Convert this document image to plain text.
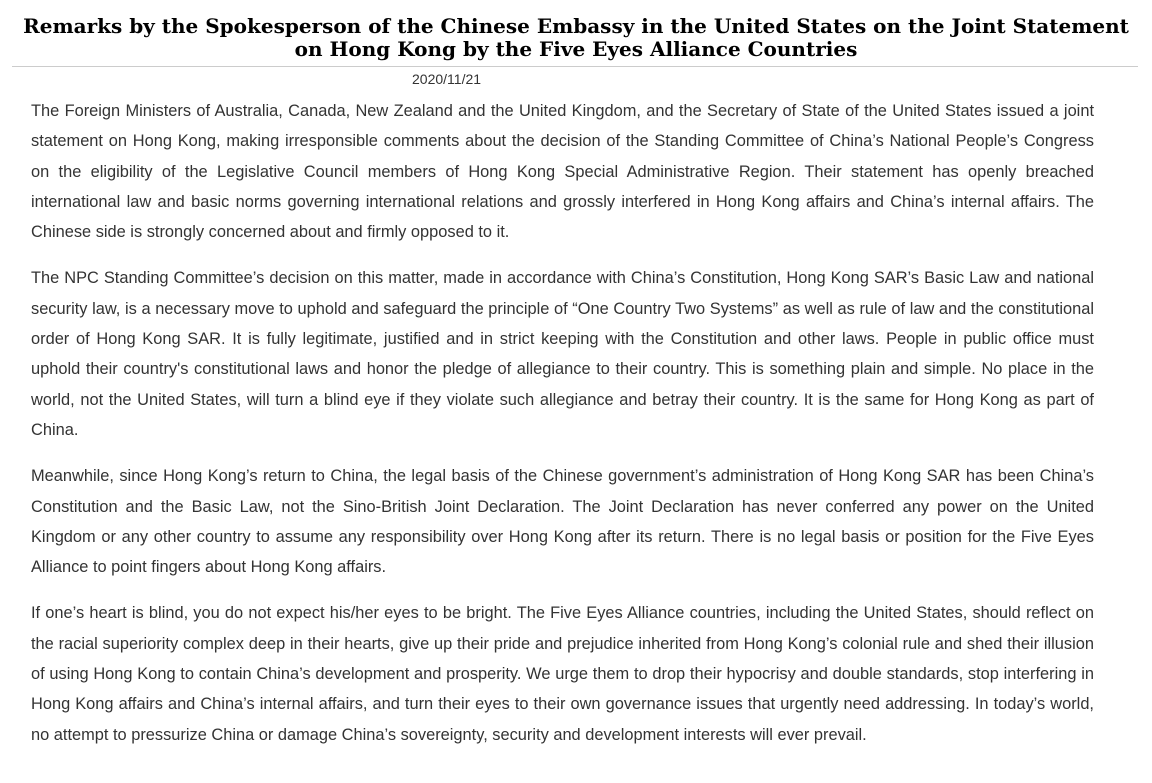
Remarks by the Spokesperson of the Chinese Embassy in the United States on the Joint Statement on Hong Kong by the Five Eyes Alliance Countries
2020/11/21

The Foreign Ministers of Australia, Canada, New Zealand and the United Kingdom, and the Secretary of State of the United States issued a joint statement on Hong Kong, making irresponsible comments about the decision of the Standing Committee of China’s National People’s Congress on the eligibility of the Legislative Council members of Hong Kong Special Administrative Region. Their statement has openly breached international law and basic norms governing international relations and grossly interfered in Hong Kong affairs and China’s internal affairs. The Chinese side is strongly concerned about and firmly opposed to it.

The NPC Standing Committee’s decision on this matter, made in accordance with China’s Constitution, Hong Kong SAR’s Basic Law and national security law, is a necessary move to uphold and safeguard the principle of “One Country Two Systems” as well as rule of law and the constitutional order of Hong Kong SAR. It is fully legitimate, justified and in strict keeping with the Constitution and other laws. People in public office must uphold their country's constitutional laws and honor the pledge of allegiance to their country. This is something plain and simple. No place in the world, not the United States, will turn a blind eye if they violate such allegiance and betray their country. It is the same for Hong Kong as part of China.

Meanwhile, since Hong Kong’s return to China, the legal basis of the Chinese government’s administration of Hong Kong SAR has been China’s Constitution and the Basic Law, not the Sino-British Joint Declaration. The Joint Declaration has never conferred any power on the United Kingdom or any other country to assume any responsibility over Hong Kong after its return. There is no legal basis or position for the Five Eyes Alliance to point fingers about Hong Kong affairs.

If one’s heart is blind, you do not expect his/her eyes to be bright. The Five Eyes Alliance countries, including the United States, should reflect on the racial superiority complex deep in their hearts, give up their pride and prejudice inherited from Hong Kong’s colonial rule and shed their illusion of using Hong Kong to contain China’s development and prosperity. We urge them to drop their hypocrisy and double standards, stop interfering in Hong Kong affairs and China’s internal affairs, and turn their eyes to their own governance issues that urgently need addressing. In today’s world, no attempt to pressurize China or damage China’s sovereignty, security and development interests will ever prevail.
